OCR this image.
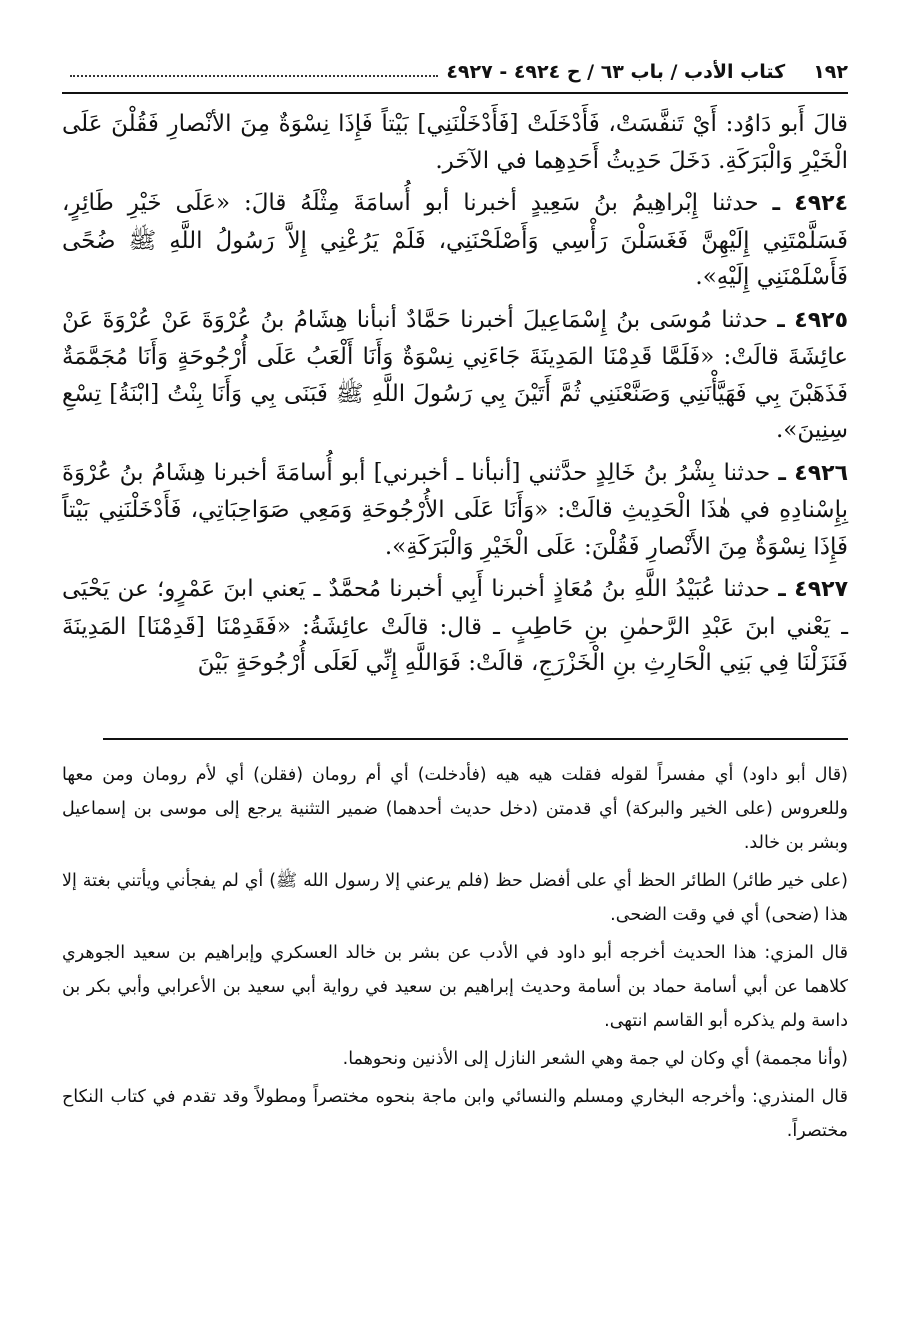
١٩٢
كتاب الأدب / باب ٦٣ / ح ٤٩٢٤ - ٤٩٢٧

قالَ أَبو دَاوُد: أَيْ تَنفَّسَتْ، فَأَدْخَلَتْ [فَأَدْخَلْنَنِي] بَيْتاً فَإِذَا نِسْوَةٌ مِنَ الأنْصارِ فَقُلْنَ عَلَى الْخَيْرِ وَالْبَرَكَةِ. دَخَلَ حَدِيثُ أَحَدِهِما في الآخَر.

٤٩٢٤ ـ حدثنا إِبْراهِيمُ بنُ سَعِيدٍ أخبرنا أبو أُسامَةَ مِثْلَهُ قالَ: «عَلَى خَيْرِ طَائِرٍ، فَسَلَّمْتَنِي إِلَيْهِنَّ فَغَسَلْنَ رَأْسِي وَأَصْلَحْنَنِي، فَلَمْ يَرُعْنِي إِلاَّ رَسُولُ اللَّهِ ﷺ ضُحًى فَأَسْلَمْنَنِي إِلَيْهِ».

٤٩٢٥ ـ حدثنا مُوسَى بنُ إِسْمَاعِيلَ أخبرنا حَمَّادٌ أنبأنا هِشَامُ بنُ عُرْوَةَ عَنْ عُرْوَةَ عَنْ عائِشَةَ قالَتْ: «فَلَمَّا قَدِمْنَا المَدِينَةَ جَاءَنِي نِسْوَةٌ وَأَنَا أَلْعَبُ عَلَى أُرْجُوحَةٍ وَأَنَا مُجَمَّمَةٌ فَذَهَبْنَ بِي فَهَيَّأْنَنِي وَصَنَّعْنَنِي ثُمَّ أَتَيْنَ بِي رَسُولَ اللَّهِ ﷺ فَبَنَى بِي وَأَنَا بِنْتُ [ابْنَةُ] تِسْعِ سِنِينَ».

٤٩٢٦ ـ حدثنا بِشْرُ بنُ خَالِدٍ حدَّثني [أنبأنا ـ أخبرني] أبو أُسامَةَ أخبرنا هِشَامُ بنُ عُرْوَةَ بِإِسْنادِهِ في هٰذَا الْحَدِيثِ قالَتْ: «وَأَنَا عَلَى الأُرْجُوحَةِ وَمَعِي صَوَاحِبَاتِي، فَأَدْخَلْنَنِي بَيْتاً فَإِذَا نِسْوَةٌ مِنَ الأَنْصارِ فَقُلْنَ: عَلَى الْخَيْرِ وَالْبَرَكَةِ».

٤٩٢٧ ـ حدثنا عُبَيْدُ اللَّهِ بنُ مُعَاذٍ أخبرنا أَبِي أخبرنا مُحمَّدٌ ـ يَعني ابنَ عَمْرٍو؛ عن يَحْيَى ـ يَعْني ابنَ عَبْدِ الرَّحمٰنِ بنِ حَاطِبٍ ـ قال: قالَتْ عائِشَةُ: «فَقَدِمْنَا [قَدِمْنَا] المَدِينَةَ فَنَزَلْنَا فِي بَنِي الْحَارِثِ بنِ الْخَزْرَجِ، قالَتْ: فَوَاللَّهِ إِنِّي لَعَلَى أُرْجُوحَةٍ بَيْنَ

(قال أبو داود) أي مفسراً لقوله فقلت هيه هيه (فأدخلت) أي أم رومان (فقلن) أي لأم رومان ومن معها وللعروس (على الخير والبركة) أي قدمتن (دخل حديث أحدهما) ضمير التثنية يرجع إلى موسى بن إسماعيل وبشر بن خالد.

(على خير طائر) الطائر الحظ أي على أفضل حظ (فلم يرعني إلا رسول الله ﷺ) أي لم يفجأني ويأتني بغتة إلا هذا (ضحى) أي في وقت الضحى.

قال المزي: هذا الحديث أخرجه أبو داود في الأدب عن بشر بن خالد العسكري وإبراهيم بن سعيد الجوهري كلاهما عن أبي أسامة حماد بن أسامة وحديث إبراهيم بن سعيد في رواية أبي سعيد بن الأعرابي وأبي بكر بن داسة ولم يذكره أبو القاسم انتهى.

(وأنا مجممة) أي وكان لي جمة وهي الشعر النازل إلى الأذنين ونحوهما.

قال المنذري: وأخرجه البخاري ومسلم والنسائي وابن ماجة بنحوه مختصراً ومطولاً وقد تقدم في كتاب النكاح مختصراً.
